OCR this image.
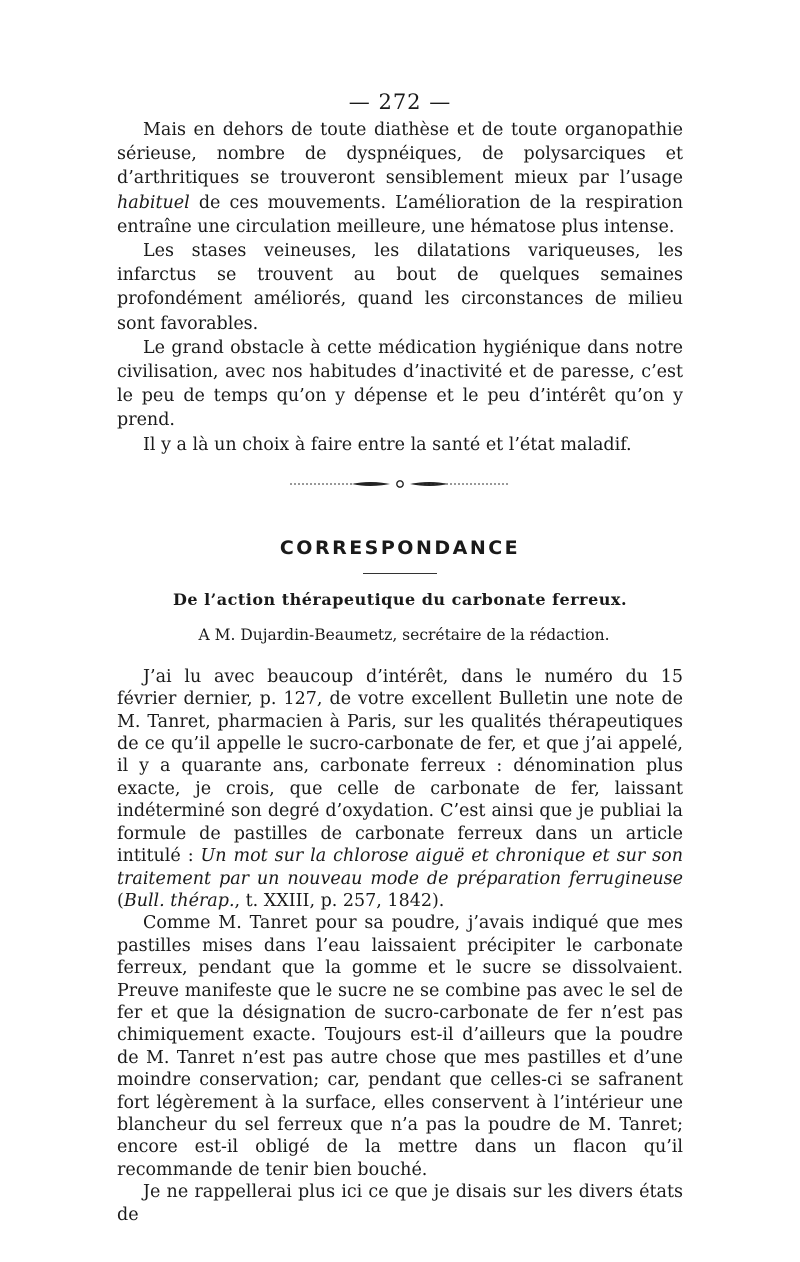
— 272 —

Mais en dehors de toute diathèse et de toute organopathie sérieuse, nombre de dyspnéiques, de polysarciques et d’arthritiques se trouveront sensiblement mieux par l’usage habituel de ces mouvements. L’amélioration de la respiration entraîne une circulation meilleure, une hématose plus intense.

Les stases veineuses, les dilatations variqueuses, les infarctus se trouvent au bout de quelques semaines profondément améliorés, quand les circonstances de milieu sont favorables.

Le grand obstacle à cette médication hygiénique dans notre civilisation, avec nos habitudes d’inactivité et de paresse, c’est le peu de temps qu’on y dépense et le peu d’intérêt qu’on y prend.

Il y a là un choix à faire entre la santé et l’état maladif.

CORRESPONDANCE
De l’action thérapeutique du carbonate ferreux.
A M. Dujardin-Beaumetz, secrétaire de la rédaction.

J’ai lu avec beaucoup d’intérêt, dans le numéro du 15 février dernier, p. 127, de votre excellent Bulletin une note de M. Tanret, pharmacien à Paris, sur les qualités thérapeutiques de ce qu’il appelle le sucro-carbonate de fer, et que j’ai appelé, il y a quarante ans, carbonate ferreux : dénomination plus exacte, je crois, que celle de carbonate de fer, laissant indéterminé son degré d’oxydation. C’est ainsi que je publiai la formule de pastilles de carbonate ferreux dans un article intitulé : Un mot sur la chlorose aiguë et chronique et sur son traitement par un nouveau mode de préparation ferrugineuse (Bull. thérap., t. XXIII, p. 257, 1842).

Comme M. Tanret pour sa poudre, j’avais indiqué que mes pastilles mises dans l’eau laissaient précipiter le carbonate ferreux, pendant que la gomme et le sucre se dissolvaient. Preuve manifeste que le sucre ne se combine pas avec le sel de fer et que la désignation de sucro-carbonate de fer n’est pas chimiquement exacte. Toujours est-il d’ailleurs que la poudre de M. Tanret n’est pas autre chose que mes pastilles et d’une moindre conservation; car, pendant que celles-ci se safranent fort légèrement à la surface, elles conservent à l’intérieur une blancheur du sel ferreux que n’a pas la poudre de M. Tanret; encore est-il obligé de la mettre dans un flacon qu’il recommande de tenir bien bouché.

Je ne rappellerai plus ici ce que je disais sur les divers états de
